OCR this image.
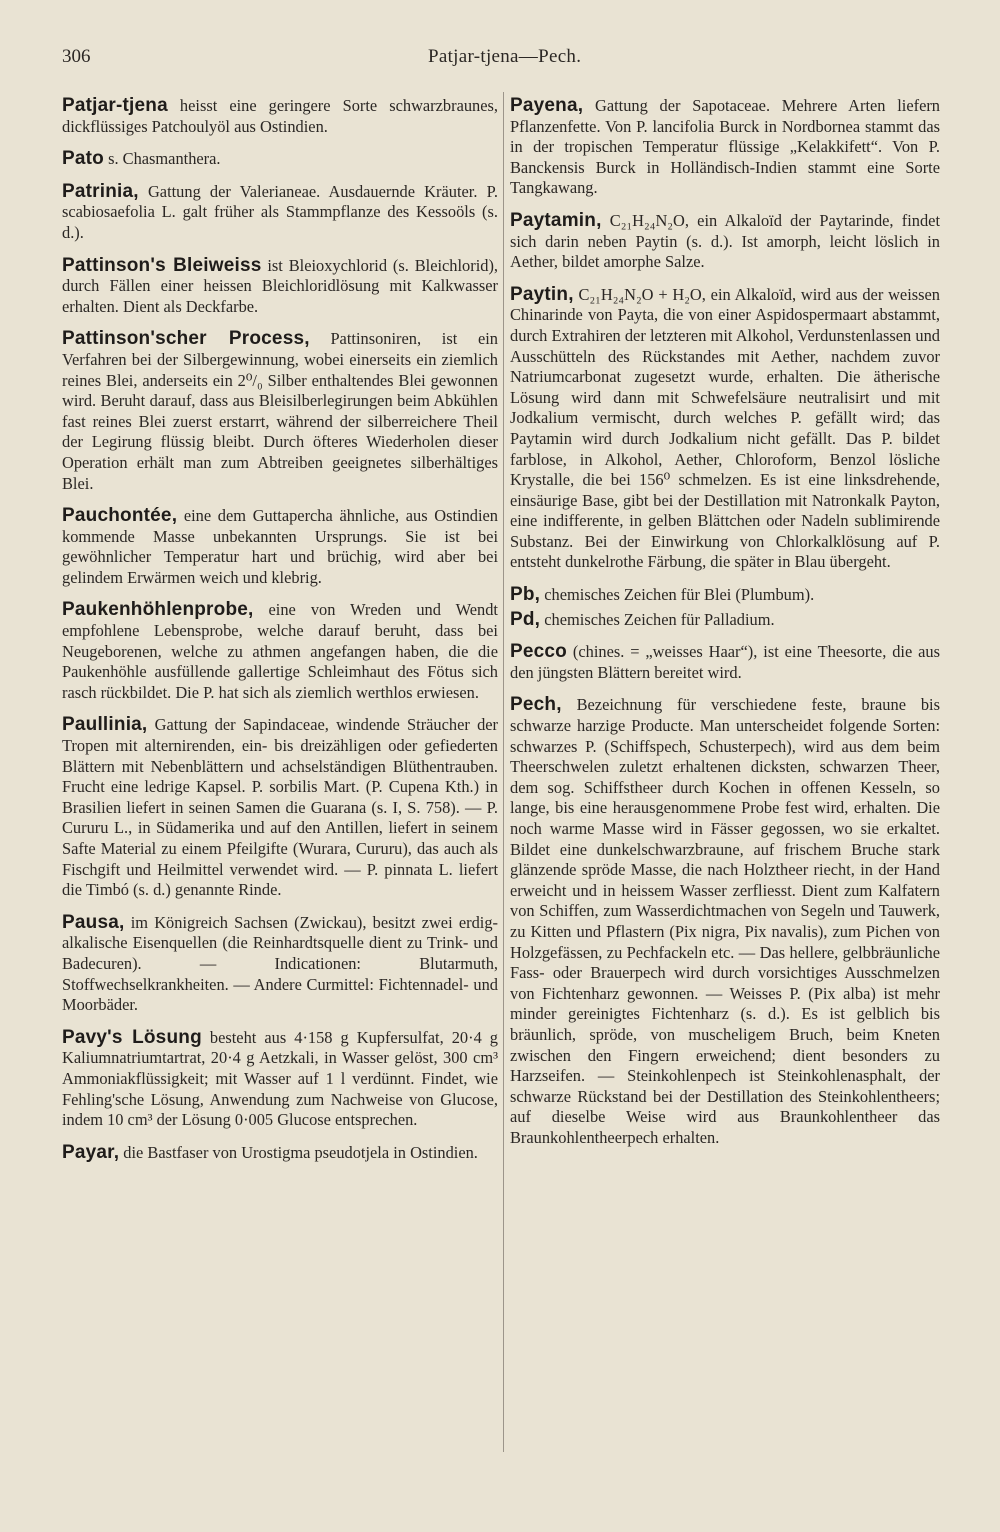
306	Patjar-tjena—Pech.

Patjar-tjena heisst eine geringere Sorte schwarzbraunes, dickflüssiges Patchoulyöl aus Ostindien.

Pato s. Chasmanthera.

Patrinia, Gattung der Valerianeae. Ausdauernde Kräuter. P. scabiosaefolia L. galt früher als Stammpflanze des Kessoöls (s. d.).

Pattinson's Bleiweiss ist Bleioxychlorid (s. Bleichlorid), durch Fällen einer heissen Bleichloridlösung mit Kalkwasser erhalten. Dient als Deckfarbe.

Pattinson'scher Process, Pattinsoniren, ist ein Verfahren bei der Silbergewinnung, wobei einerseits ein ziemlich reines Blei, anderseits ein 2⁰/₀ Silber enthaltendes Blei gewonnen wird. Beruht darauf, dass aus Bleisilberlegirungen beim Abkühlen fast reines Blei zuerst erstarrt, während der silberreichere Theil der Legirung flüssig bleibt. Durch öfteres Wiederholen dieser Operation erhält man zum Abtreiben geeignetes silberhältiges Blei.

Pauchontée, eine dem Guttapercha ähnliche, aus Ostindien kommende Masse unbekannten Ursprungs. Sie ist bei gewöhnlicher Temperatur hart und brüchig, wird aber bei gelindem Erwärmen weich und klebrig.

Paukenhöhlenprobe, eine von Wreden und Wendt empfohlene Lebensprobe, welche darauf beruht, dass bei Neugeborenen, welche zu athmen angefangen haben, die die Paukenhöhle ausfüllende gallertige Schleimhaut des Fötus sich rasch rückbildet. Die P. hat sich als ziemlich werthlos erwiesen.

Paullinia, Gattung der Sapindaceae, windende Sträucher der Tropen mit alternirenden, ein- bis dreizähligen oder gefiederten Blättern mit Nebenblättern und achselständigen Blüthentrauben. Frucht eine ledrige Kapsel. P. sorbilis Mart. (P. Cupena Kth.) in Brasilien liefert in seinen Samen die Guarana (s. I, S. 758). — P. Cururu L., in Südamerika und auf den Antillen, liefert in seinem Safte Material zu einem Pfeilgifte (Wurara, Cururu), das auch als Fischgift und Heilmittel verwendet wird. — P. pinnata L. liefert die Timbó (s. d.) genannte Rinde.

Pausa, im Königreich Sachsen (Zwickau), besitzt zwei erdig-alkalische Eisenquellen (die Reinhardtsquelle dient zu Trink- und Badecuren). — Indicationen: Blutarmuth, Stoffwechselkrankheiten. — Andere Curmittel: Fichtennadel- und Moorbäder.

Pavy's Lösung besteht aus 4·158 g Kupfersulfat, 20·4 g Kaliumnatriumtartrat, 20·4 g Aetzkali, in Wasser gelöst, 300 cm³ Ammoniakflüssigkeit; mit Wasser auf 1 l verdünnt. Findet, wie Fehling'sche Lösung, Anwendung zum Nachweise von Glucose, indem 10 cm³ der Lösung 0·005 Glucose entsprechen.

Payar, die Bastfaser von Urostigma pseudotjela in Ostindien.

Payena, Gattung der Sapotaceae. Mehrere Arten liefern Pflanzenfette. Von P. lancifolia Burck in Nordbornea stammt das in der tropischen Temperatur flüssige „Kelakkifett“. Von P. Banckensis Burck in Holländisch-Indien stammt eine Sorte Tangkawang.

Paytamin, C₂₁H₂₄N₂O, ein Alkaloïd der Paytarinde, findet sich darin neben Paytin (s. d.). Ist amorph, leicht löslich in Aether, bildet amorphe Salze.

Paytin, C₂₁H₂₄N₂O + H₂O, ein Alkaloïd, wird aus der weissen Chinarinde von Payta, die von einer Aspidospermaart abstammt, durch Extrahiren der letzteren mit Alkohol, Verdunstenlassen und Ausschütteln des Rückstandes mit Aether, nachdem zuvor Natriumcarbonat zugesetzt wurde, erhalten. Die ätherische Lösung wird dann mit Schwefelsäure neutralisirt und mit Jodkalium vermischt, durch welches P. gefällt wird; das Paytamin wird durch Jodkalium nicht gefällt. Das P. bildet farblose, in Alkohol, Aether, Chloroform, Benzol lösliche Krystalle, die bei 156⁰ schmelzen. Es ist eine linksdrehende, einsäurige Base, gibt bei der Destillation mit Natronkalk Payton, eine indifferente, in gelben Blättchen oder Nadeln sublimirende Substanz. Bei der Einwirkung von Chlorkalklösung auf P. entsteht dunkelrothe Färbung, die später in Blau übergeht.

Pb, chemisches Zeichen für Blei (Plumbum).

Pd, chemisches Zeichen für Palladium.

Pecco (chines. = „weisses Haar“), ist eine Theesorte, die aus den jüngsten Blättern bereitet wird.

Pech, Bezeichnung für verschiedene feste, braune bis schwarze harzige Producte. Man unterscheidet folgende Sorten: schwarzes P. (Schiffspech, Schusterpech), wird aus dem beim Theerschwelen zuletzt erhaltenen dicksten, schwarzen Theer, dem sog. Schiffstheer durch Kochen in offenen Kesseln, so lange, bis eine herausgenommene Probe fest wird, erhalten. Die noch warme Masse wird in Fässer gegossen, wo sie erkaltet. Bildet eine dunkelschwarzbraune, auf frischem Bruche stark glänzende spröde Masse, die nach Holztheer riecht, in der Hand erweicht und in heissem Wasser zerfliesst. Dient zum Kalfatern von Schiffen, zum Wasserdichtmachen von Segeln und Tauwerk, zu Kitten und Pflastern (Pix nigra, Pix navalis), zum Pichen von Holzgefässen, zu Pechfackeln etc. — Das hellere, gelbbräunliche Fass- oder Brauerpech wird durch vorsichtiges Ausschmelzen von Fichtenharz gewonnen. — Weisses P. (Pix alba) ist mehr minder gereinigtes Fichtenharz (s. d.). Es ist gelblich bis bräunlich, spröde, von muscheligem Bruch, beim Kneten zwischen den Fingern erweichend; dient besonders zu Harzseifen. — Steinkohlenpech ist Steinkohlenasphalt, der schwarze Rückstand bei der Destillation des Steinkohlentheers; auf dieselbe Weise wird aus Braunkohlentheer das Braunkohlentheerpech erhalten.
